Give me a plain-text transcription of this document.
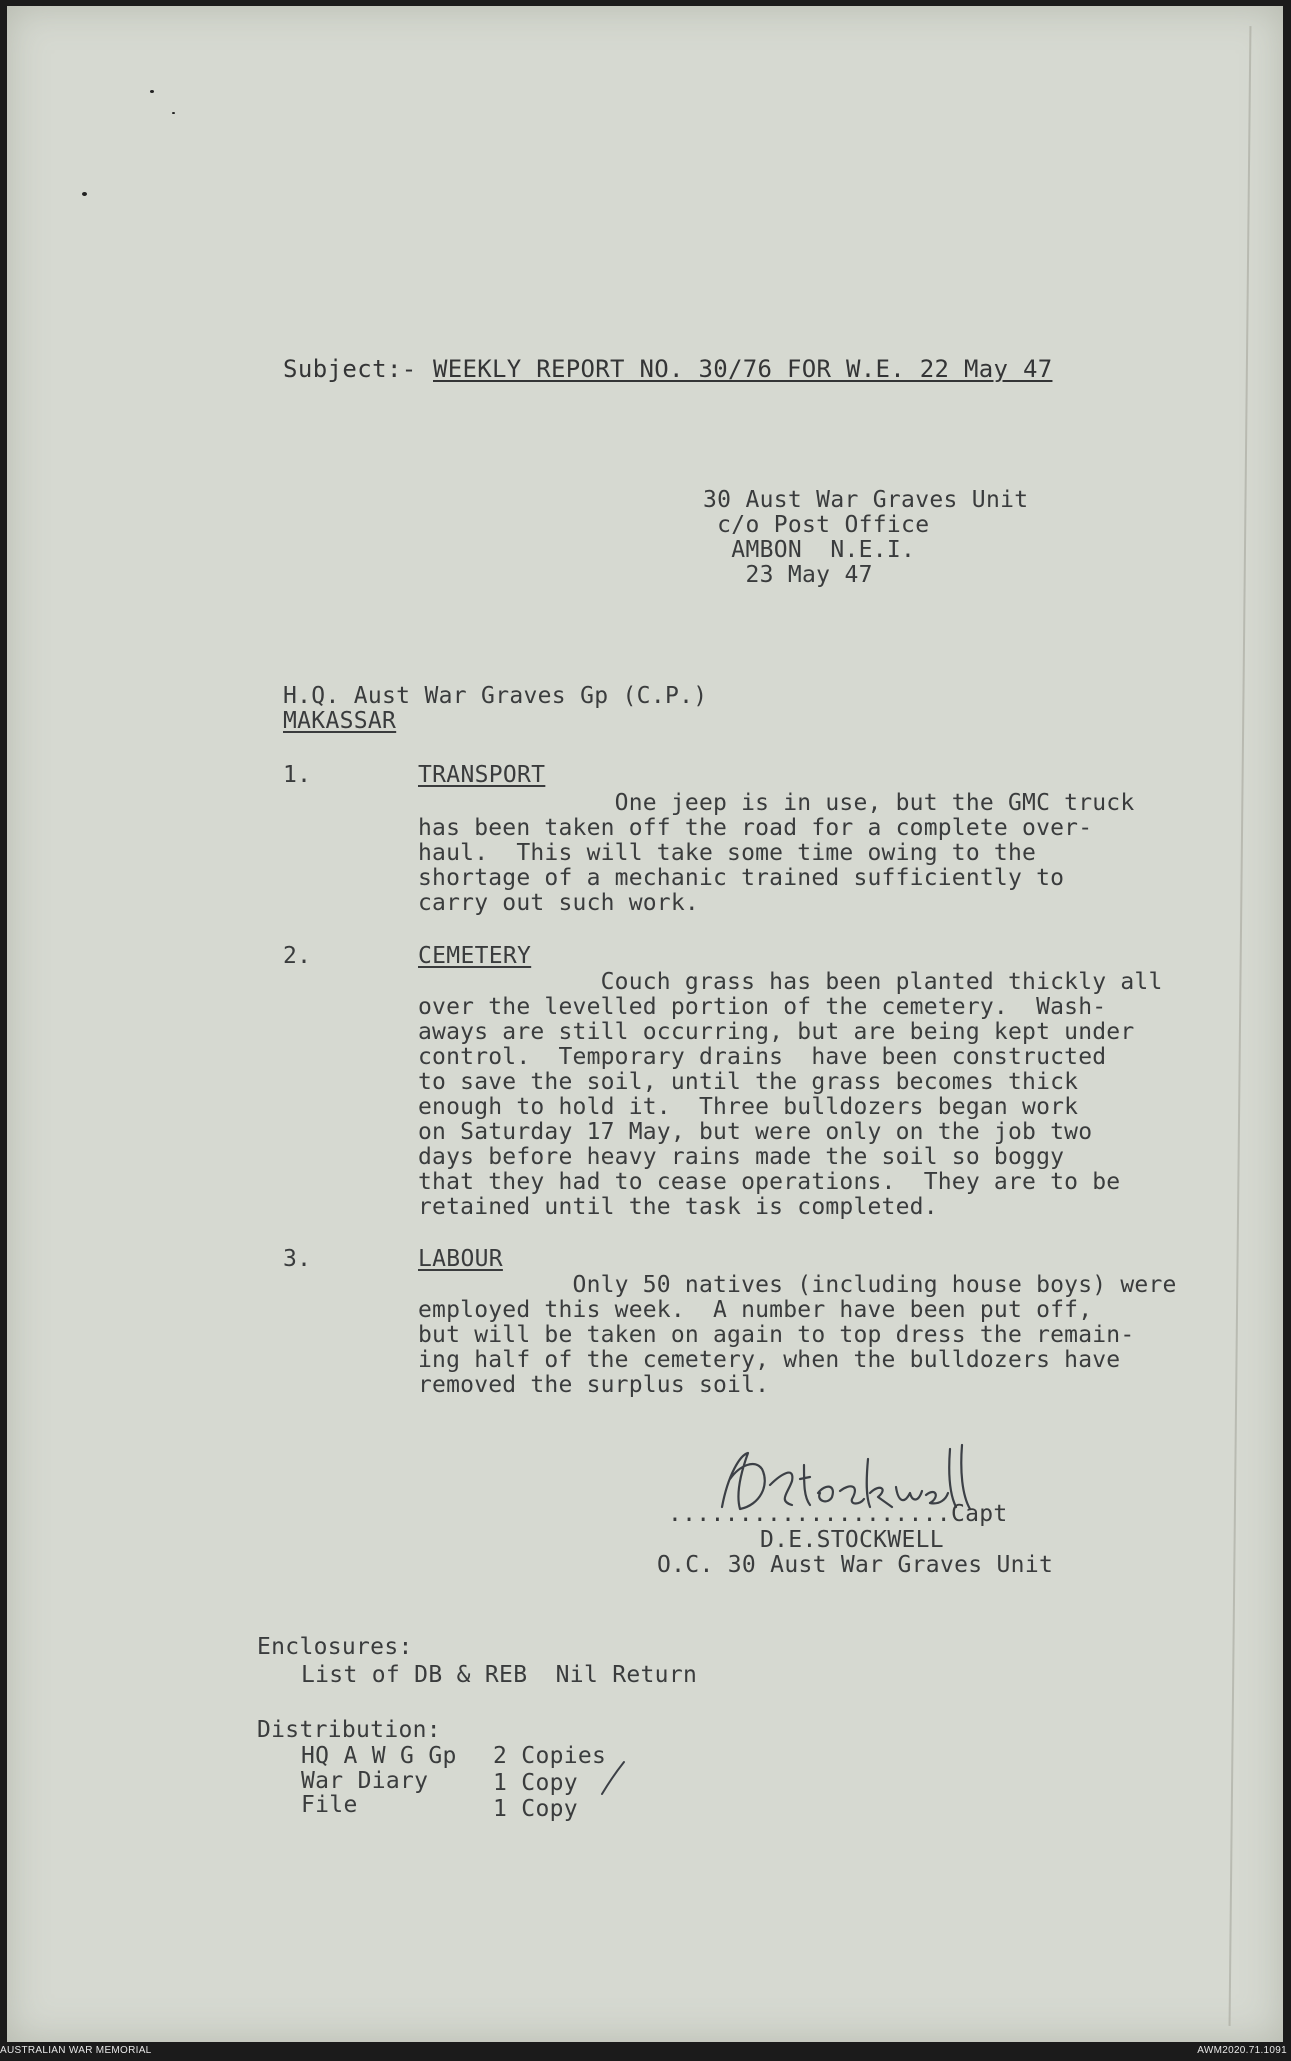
Subject:- WEEKLY REPORT NO. 30/76 FOR W.E. 22 May 47
30 Aust War Graves Unit
c/o Post Office
AMBON  N.E.I.
23 May 47
H.Q. Aust War Graves Gp (C.P.)
MAKASSAR
1.	TRANSPORT
One jeep is in use, but the GMC truck
has been taken off the road for a complete over-
haul.  This will take some time owing to the
shortage of a mechanic trained sufficiently to
carry out such work.
2.	CEMETERY
Couch grass has been planted thickly all
over the levelled portion of the cemetery.  Wash-
aways are still occurring, but are being kept under
control.  Temporary drains  have been constructed
to save the soil, until the grass becomes thick
enough to hold it.  Three bulldozers began work
on Saturday 17 May, but were only on the job two
days before heavy rains made the soil so boggy
that they had to cease operations.  They are to be
retained until the task is completed.
3.	LABOUR
Only 50 natives (including house boys) were
employed this week.  A number have been put off,
but will be taken on again to top dress the remain-
ing half of the cemetery, when the bulldozers have
removed the surplus soil.
....................Capt
D.E.STOCKWELL
O.C. 30 Aust War Graves Unit
Enclosures:
List of DB & REB  Nil Return
Distribution:
HQ A W G Gp 2 Copies
War Diary	1 Copy
File	1 Copy
AUSTRALIAN WAR MEMORIAL	AWM2020.71.1091
